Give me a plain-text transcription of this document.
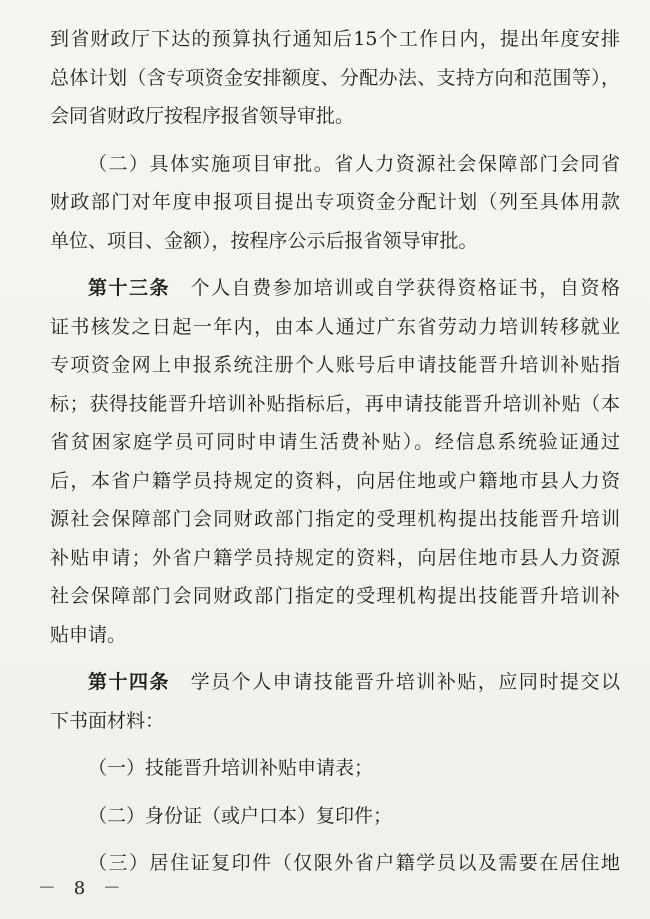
到省财政厅下达的预算执行通知后15个工作日内，提出年度安排
总体计划（含专项资金安排额度、分配办法、支持方向和范围等），
会同省财政厅按程序报省领导审批。
（二）具体实施项目审批。省人力资源社会保障部门会同省
财政部门对年度申报项目提出专项资金分配计划（列至具体用款
单位、项目、金额），按程序公示后报省领导审批。
第十三条　 个人自费参加培训或自学获得资格证书，自资格
证书核发之日起一年内，由本人通过广东省劳动力培训转移就业
专项资金网上申报系统注册个人账号后申请技能晋升培训补贴指
标；获得技能晋升培训补贴指标后，再申请技能晋升培训补贴（本
省贫困家庭学员可同时申请生活费补贴）。经信息系统验证通过
后，本省户籍学员持规定的资料，向居住地或户籍地市县人力资
源社会保障部门会同财政部门指定的受理机构提出技能晋升培训
补贴申请；外省户籍学员持规定的资料，向居住地市县人力资源
社会保障部门会同财政部门指定的受理机构提出技能晋升培训补
贴申请。
第十四条　 学员个人申请技能晋升培训补贴，应同时提交以
下书面材料：
（一）技能晋升培训补贴申请表；
（二）身份证（或户口本）复印件；
（三）居住证复印件（仅限外省户籍学员以及需要在居住地
－ 8 －
